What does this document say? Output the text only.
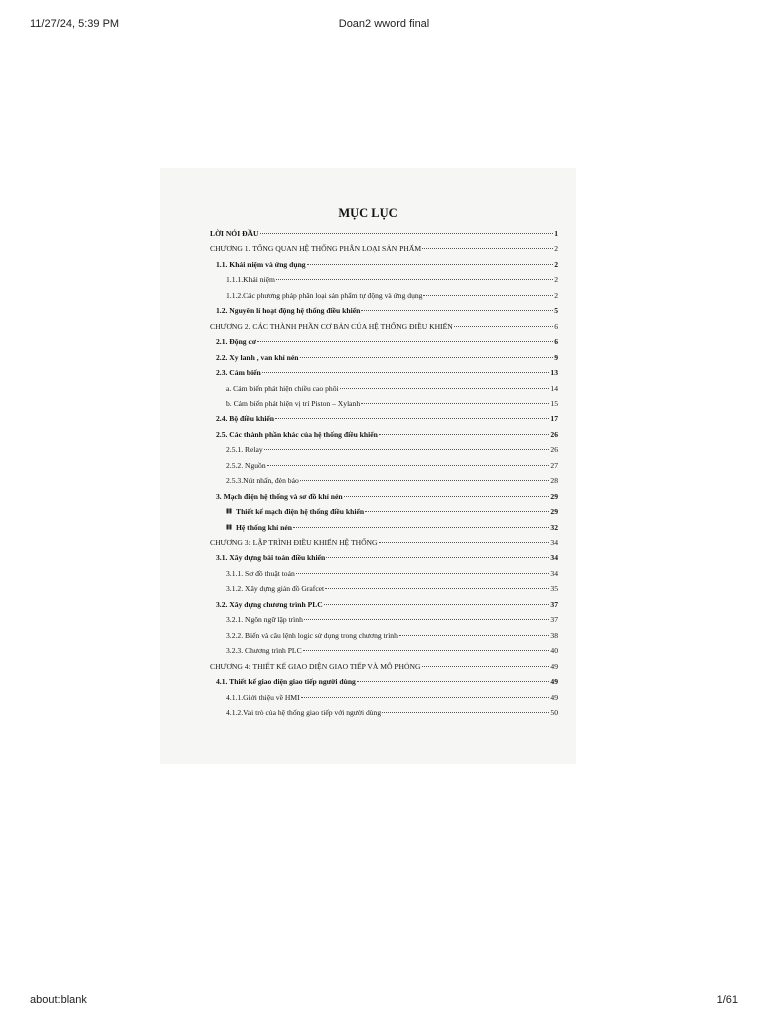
11/27/24, 5:39 PM	Doan2 wword final
MỤC LỤC
LỜI NÓI ĐẦU	1
CHƯƠNG 1. TỔNG QUAN HỆ THỐNG PHÂN LOẠI SẢN PHẨM	2
1.1. Khái niệm và ứng dụng	2
1.1.1.Khái niệm	2
1.1.2.Các phương pháp phân loại sản phẩm tự động và ứng dụng	2
1.2. Nguyên lí hoạt động hệ thống điều khiển	5
CHƯƠNG 2. CÁC THÀNH PHẦN CƠ BẢN CỦA HỆ THỐNG ĐIỀU KHIỂN	6
2.1. Động cơ	6
2.2. Xy lanh , van khí nén	9
2.3. Cảm biến	13
a. Cảm biến phát hiện chiều cao phôi	14
b. Cảm biến phát hiện vị trí Piston – Xylanh	15
2.4. Bộ điều khiển	17
2.5. Các thành phần khác của hệ thống điều khiển	26
2.5.1. Relay	26
2.5.2. Nguồn	27
2.5.3.Nút nhấn, đèn báo	28
3. Mạch điện hệ thống và sơ đồ khí nén	29
Thiết kế mạch điện hệ thống điều khiển	29
Hệ thống khí nén	32
CHƯƠNG 3: LẬP TRÌNH ĐIỀU KHIỂN HỆ THỐNG	34
3.1. Xây dựng bài toán điều khiển	34
3.1.1. Sơ đồ thuật toán	34
3.1.2. Xây dựng giản đồ Grafcet	35
3.2. Xây dựng chương trình PLC	37
3.2.1. Ngôn ngữ lập trình	37
3.2.2. Biến và câu lệnh logic sử dụng trong chương trình	38
3.2.3. Chương trình PLC	40
CHƯƠNG 4: THIẾT KẾ GIAO DIỆN GIAO TIẾP VÀ MÔ PHỎNG	49
4.1. Thiết kế giao diện giao tiếp người dùng	49
4.1.1.Giới thiệu về HMI	49
4.1.2.Vai trò của hệ thống giao tiếp với người dùng	50
about:blank	1/61
